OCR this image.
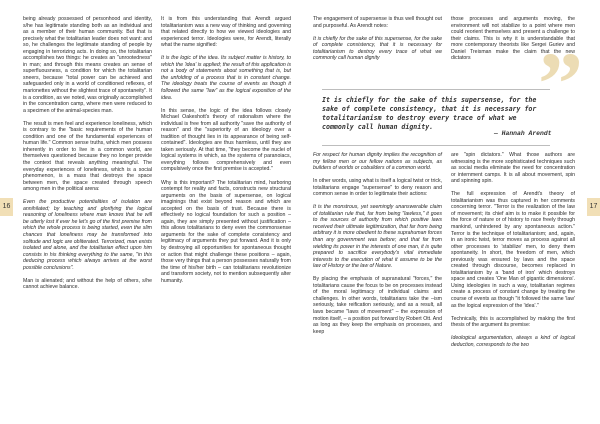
16

being already possessed of personhood and identity, s/he has legitimate standing both as an individual and as a member of their human community. But that is precisely what the totalitarian leader does not want: and so, he challenges the legitimate standing of people by engaging in terrorizing acts. In doing so, the totalitarian accomplishes two things: he creates an "unrootedness" in man; and through this means creates an sense of superfluousness, a condition for which the totalitarian sneers, because "total power can be achieved and safeguarded only in a world of conditioned reflexes, of marionettes without the slightest trace of spontaneity". It is a condition, as we noted, was originally accomplished in the concentration camp, where men were reduced to a specimen of the animal-species man.

The result is men feel and experience loneliness, which is contrary to the "basic requirements of the human condition and one of the fundamental experiences of human life." Common sense truths, which men possess inherently in order to live in a common world, are themselves questioned because they no longer provide the context that reveals anything meaningful. The everyday experiences of loneliness, which is a social phenomenon, is a mass that destroys the space between men, the space created through speech among men in the political arena:

Even the productive potentialities of isolation are annihilated; by teaching and glorifying the logical reasoning of loneliness where man knows that he will be utterly lost if ever he let's go of the first premise from which the whole process is being started, even the slim chances that loneliness may be transformed into solitude and logic are obliterated. Terrorized, man exists isolated and alone, and the totalitarian effect upon him consists in his thinking everything to the same, "in this deducing process which always arrives at the worst possible conclusions".

Man is alienated; and without the help of others, s/he cannot achieve balance.

It is from this understanding that Arendt argued totalitarianism was a new way of thinking and governing that related directly to how we viewed ideologies and experienced terror. Ideologies were, for Arendt, literally what the name signified:

It is the logic of the idea. Its subject matter is history, to which the 'idea' is applied; the result of this application is not a body of statements about something that is, but the unfolding of a process that is in constant change. The ideology treats the course of events as though it followed the same "law" as the logical exposition of the idea.

In this sense, the logic of the idea follows closely Michael Oakeshott's theory of rationalism where the individual is free from all authority "save the authority of reason" and the "superiority of an ideology over a tradition of thought lies in its appearance of being self-contained". Ideologies are thus harmless, until they are taken seriously. At that time, "they become the nuclei of logical systems in which, as the systems of paranoiacs, everything follows comprehensively and even compulsively once the first premise is accepted."

Why is this important? The totalitarian mind, harboring contempt for reality and facts, constructs new structural arguments on the basis of supersense, on logical imaginings that exist beyond reason and which are accepted on the basis of trust. Because there is effectively no logical foundation for such a position – again, they are simply presented without justification – this allows totalitarians to deny even the commonsense arguments for the sake of complete consistency and legitimacy of arguments they put forward. And it is only by destroying all opportunities for spontaneous thought or action that might challenge these positions – again, those very things that a person possesses naturally from the time of his/her birth – can totalitarians revolutionize and transform society, not to mention subsequently alter humanity.

The engagement of supersense is thus well thought out and purposeful. As Arendt notes:

It is chiefly for the sake of this supersense, for the sake of complete consistency, that it is necessary for totalitarianism to destroy every trace of what we commonly call human dignity

those processes and arguments moving, the environment will not stabilize to a point where men could reorient themselves and present a challenge to their claims. This is why it is understandable that more contemporary theorists like Sergei Guriev and Daniel Treisman make the claim that the new dictators ”
It is chiefly for the sake of this supersense, for the sake of complete consistency, that it is necessary for totalitarianism to destroy every trace of what we commonly call human dignity.
— Hannah Arendt

For respect for human dignity implies the recognition of my fellow men or our fellow nations as subjects, as builders of worlds or cobuilders of a common world.

In other words, using what is itself a logical twist or trick, totalitarians engage "supersense" to deny reason and common sense in order to legitimate their actions:

It is the monstrous, yet seemingly unanswerable claim of totalitarian rule that, far from being "lawless," it goes to the sources of authority from which positive laws received their ultimate legitimization, that far from being arbitrary it is more obedient to these suprahuman forces than any government was before; and that far from wielding its power in the interests of one man, it is quite prepared to sacrifice everybody's vital immediate interests to the execution of what it assume to be the law of History or the law of Nature.

By placing the emphasis of supranatural "forces," the totalitarians cause the focus to be on processes instead of the moral legitimacy of individual claims and challenges. In other words, totalitarians take the –ism seriously, take reification seriously, and as a result, all laws became "laws of movement" – the expression of motion itself, – a position put forward by Robert Ott. And as long as they keep the emphasis on processes, and keep

are "spin dictators." What those authors are witnessing is the more sophisticated techniques such as social media eliminate the need for concentration or internment camps. It is all about movement, spin and spinning spin.

The full expression of Arendt's theory of totalitarianism was thus captured in her comments concerning terror. "Terror is the realization of the law of movement; its chief aim is to make it possible for the force of nature or of history to race freely through mankind, unhindered by any spontaneous action." Terror is the technique of totalitarianism; and, again, in an ironic twist, terror moves as process against all other processes to 'stabilize' men, to deny them spontaneity. In short, the freedom of men, which previously was ensured by laws and the space created through discourse, becomes replaced in totalitarianism by a 'band of iron' which destroys space and creates 'One Man of gigantic dimensions'. Using ideologies in such a way, totalitarian regimes create a process of constant change by treating the course of events as though "it followed the same 'law' as the logical expression of the 'idea'."

Technically, this is accomplished by making the first thesis of the argument its premise:

Ideological argumentation, always a kind of logical deduction, corresponds to the two

17
